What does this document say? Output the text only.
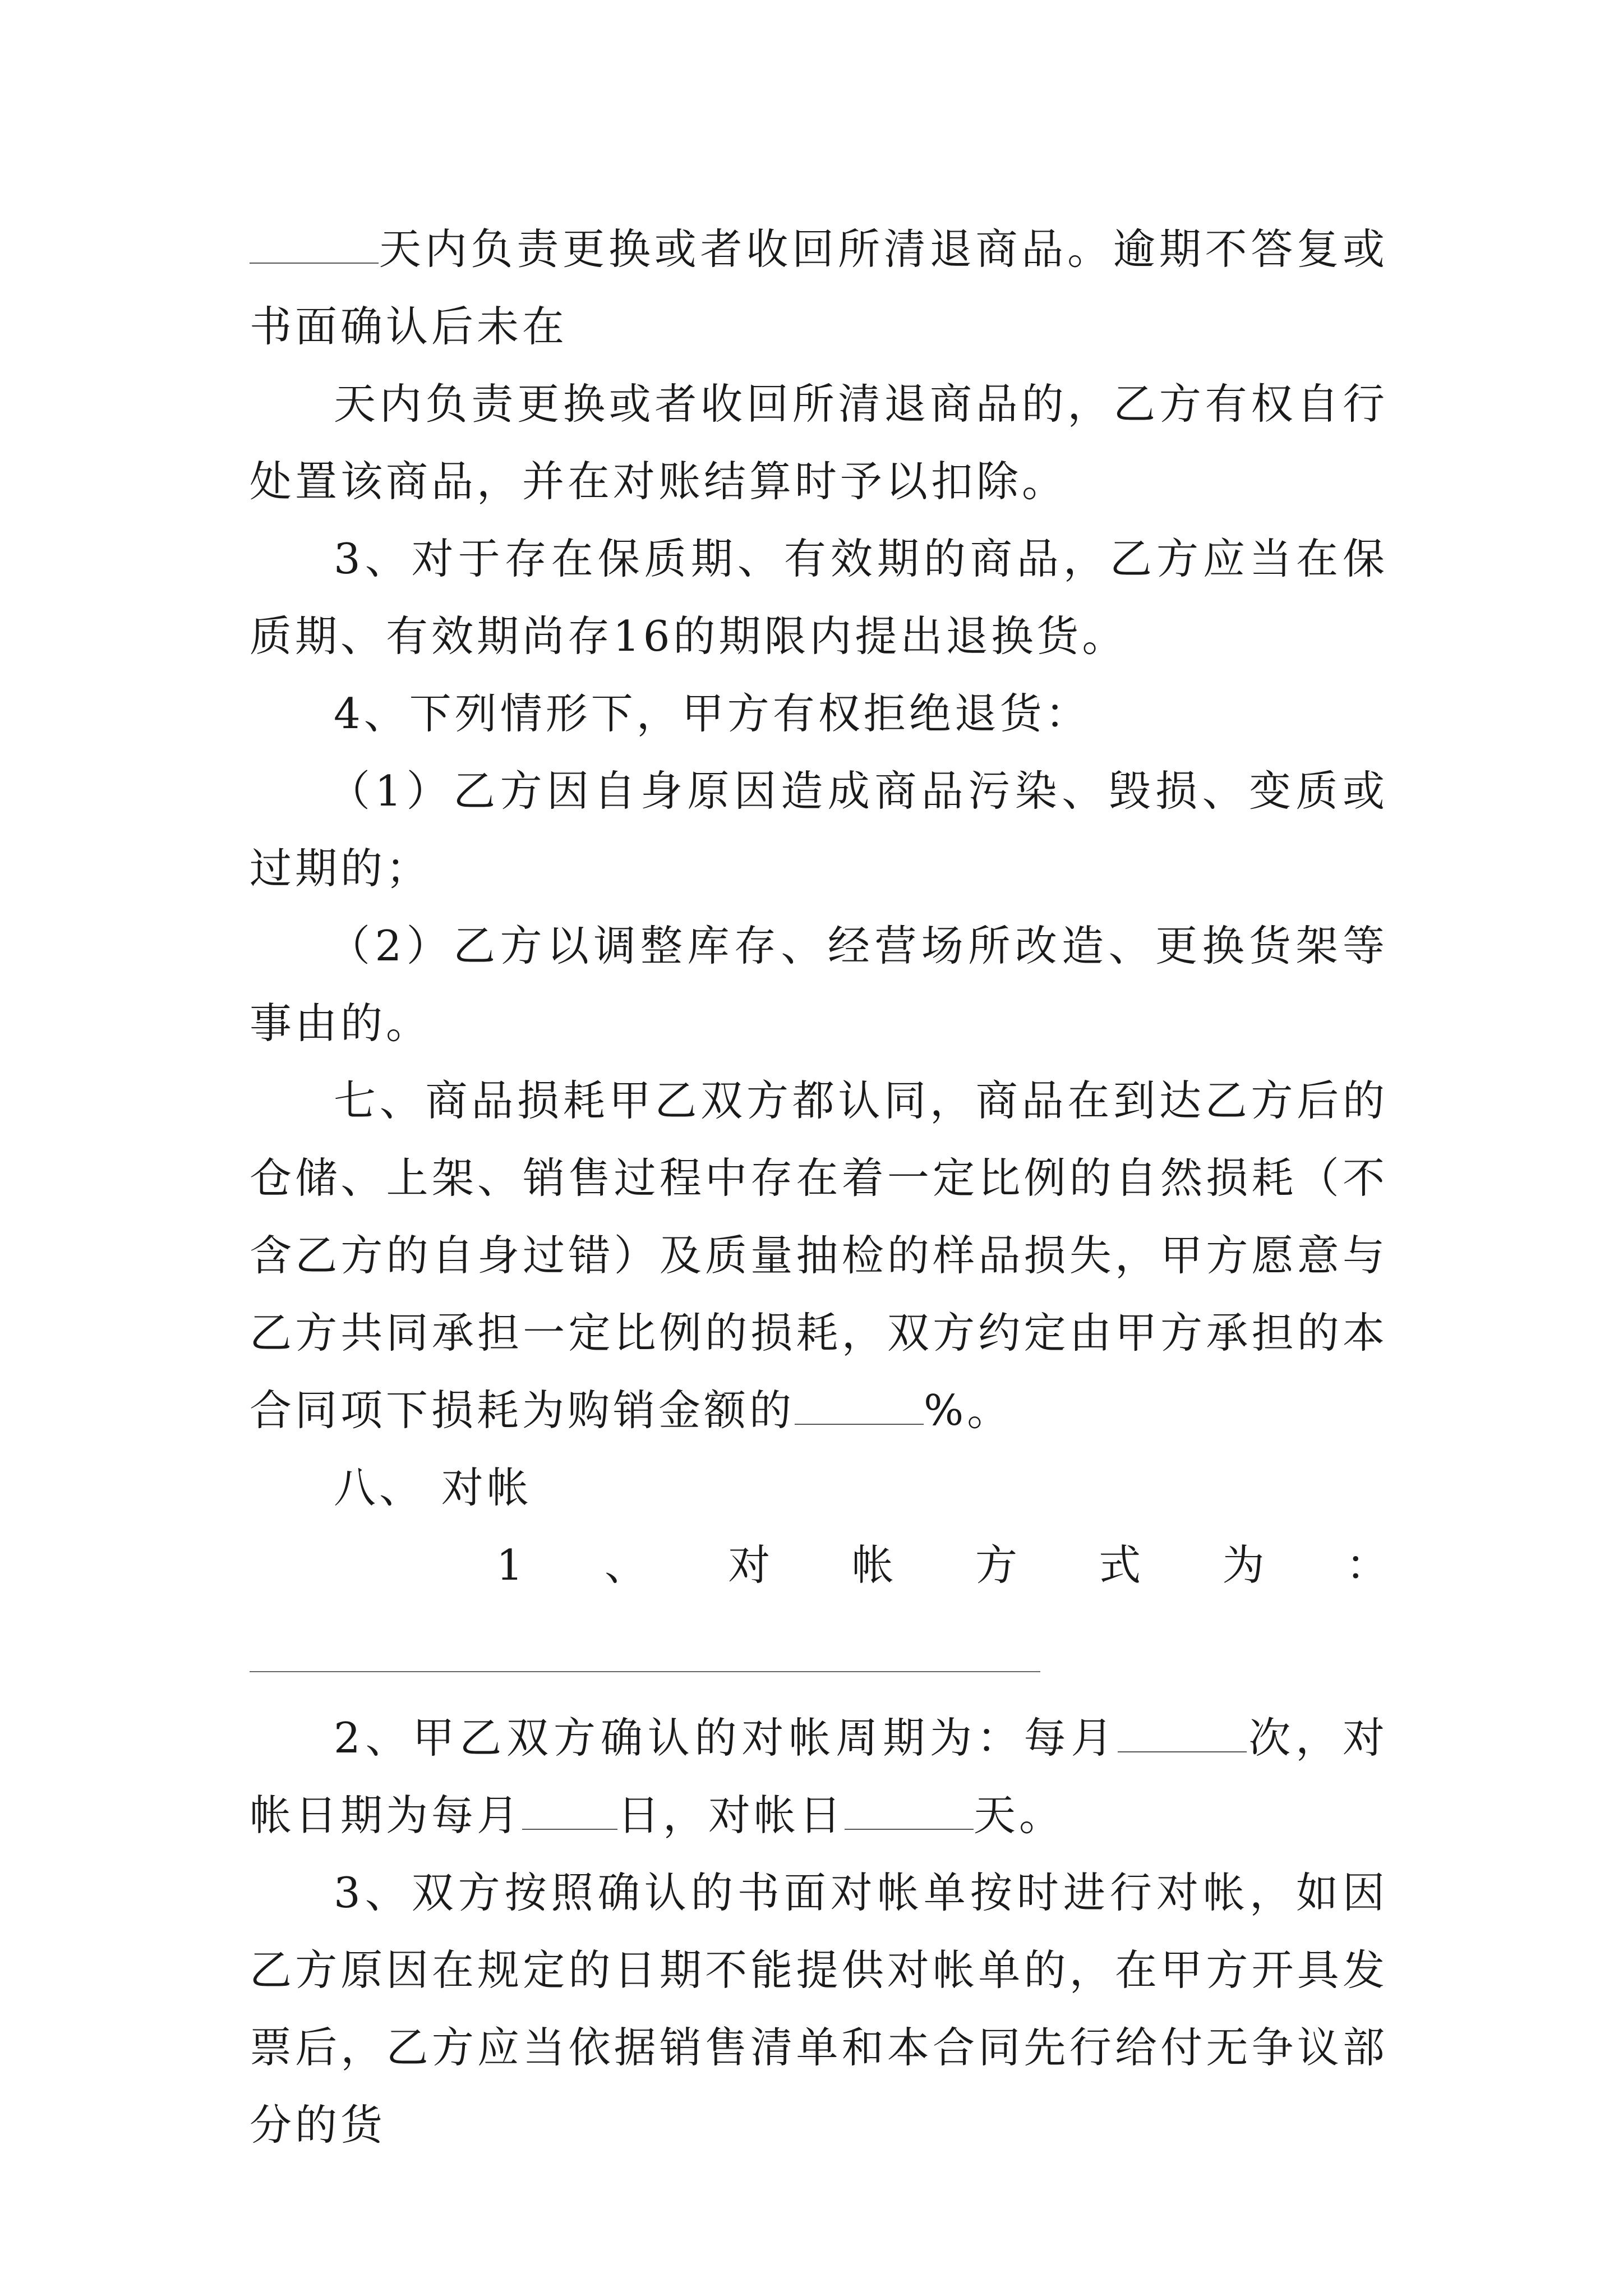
天内负责更换或者收回所清退商品。逾期不答复或书面确认后未在

天内负责更换或者收回所清退商品的，乙方有权自行处置该商品，并在对账结算时予以扣除。

3、对于存在保质期、有效期的商品，乙方应当在保质期、有效期尚存16的期限内提出退换货。

4、下列情形下，甲方有权拒绝退货：

（1）乙方因自身原因造成商品污染、毁损、变质或过期的；

（2）乙方以调整库存、经营场所改造、更换货架等事由的。

七、商品损耗甲乙双方都认同，商品在到达乙方后的仓储、上架、销售过程中存在着一定比例的自然损耗（不含乙方的自身过错）及质量抽检的样品损失，甲方愿意与乙方共同承担一定比例的损耗，双方约定由甲方承担的本合同项下损耗为购销金额的	%。

八、 对帐

1 、 对 帐 方 式 为 ：

2、甲乙双方确认的对帐周期为：每月	次，对帐日期为每月 日，对帐日	天。

3、双方按照确认的书面对帐单按时进行对帐，如因乙方原因在规定的日期不能提供对帐单的，在甲方开具发票后，乙方应当依据销售清单和本合同先行给付无争议部分的货
